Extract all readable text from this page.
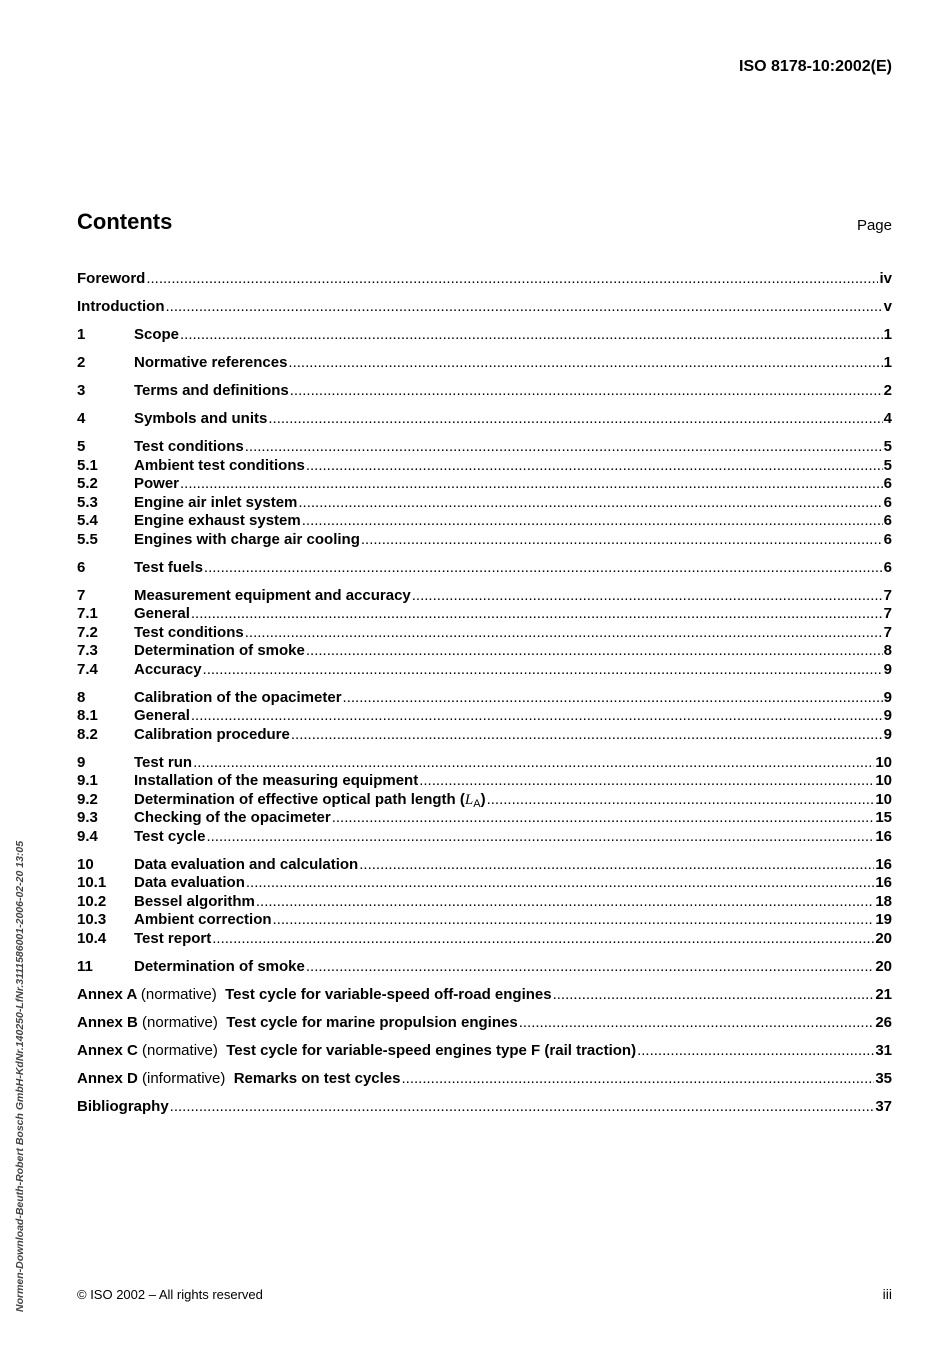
ISO 8178-10:2002(E)
Contents	Page
Foreword .....	iv
Introduction .....	v
1	Scope .....	1
2	Normative references .....	1
3	Terms and definitions .....	2
4	Symbols and units .....	4
5	Test conditions .....	5
5.1	Ambient test conditions .....	5
5.2	Power .....	6
5.3	Engine air inlet system .....	6
5.4	Engine exhaust system .....	6
5.5	Engines with charge air cooling .....	6
6	Test fuels .....	6
7	Measurement equipment and accuracy .....	7
7.1	General .....	7
7.2	Test conditions .....	7
7.3	Determination of smoke .....	8
7.4	Accuracy .....	9
8	Calibration of the opacimeter .....	9
8.1	General .....	9
8.2	Calibration procedure .....	9
9	Test run .....	10
9.1	Installation of the measuring equipment .....	10
9.2	Determination of effective optical path length $(L_A)$ .....	10
9.3	Checking of the opacimeter .....	15
9.4	Test cycle .....	16
10	Data evaluation and calculation .....	16
10.1	Data evaluation .....	16
10.2	Bessel algorithm .....	18
10.3	Ambient correction .....	19
10.4	Test report .....	20
11	Determination of smoke .....	20
Annex A (normative) Test cycle for variable-speed off-road engines .....	21
Annex B (normative) Test cycle for marine propulsion engines .....	26
Annex C (normative) Test cycle for variable-speed engines type F (rail traction) .....	31
Annex D (informative) Remarks on test cycles .....	35
Bibliography .....	37
© ISO 2002 – All rights reserved	iii
Normen-Download-Beuth-Robert Bosch GmbH-KdNr.140250-LfNr.3111586001-2006-02-20 13:05
